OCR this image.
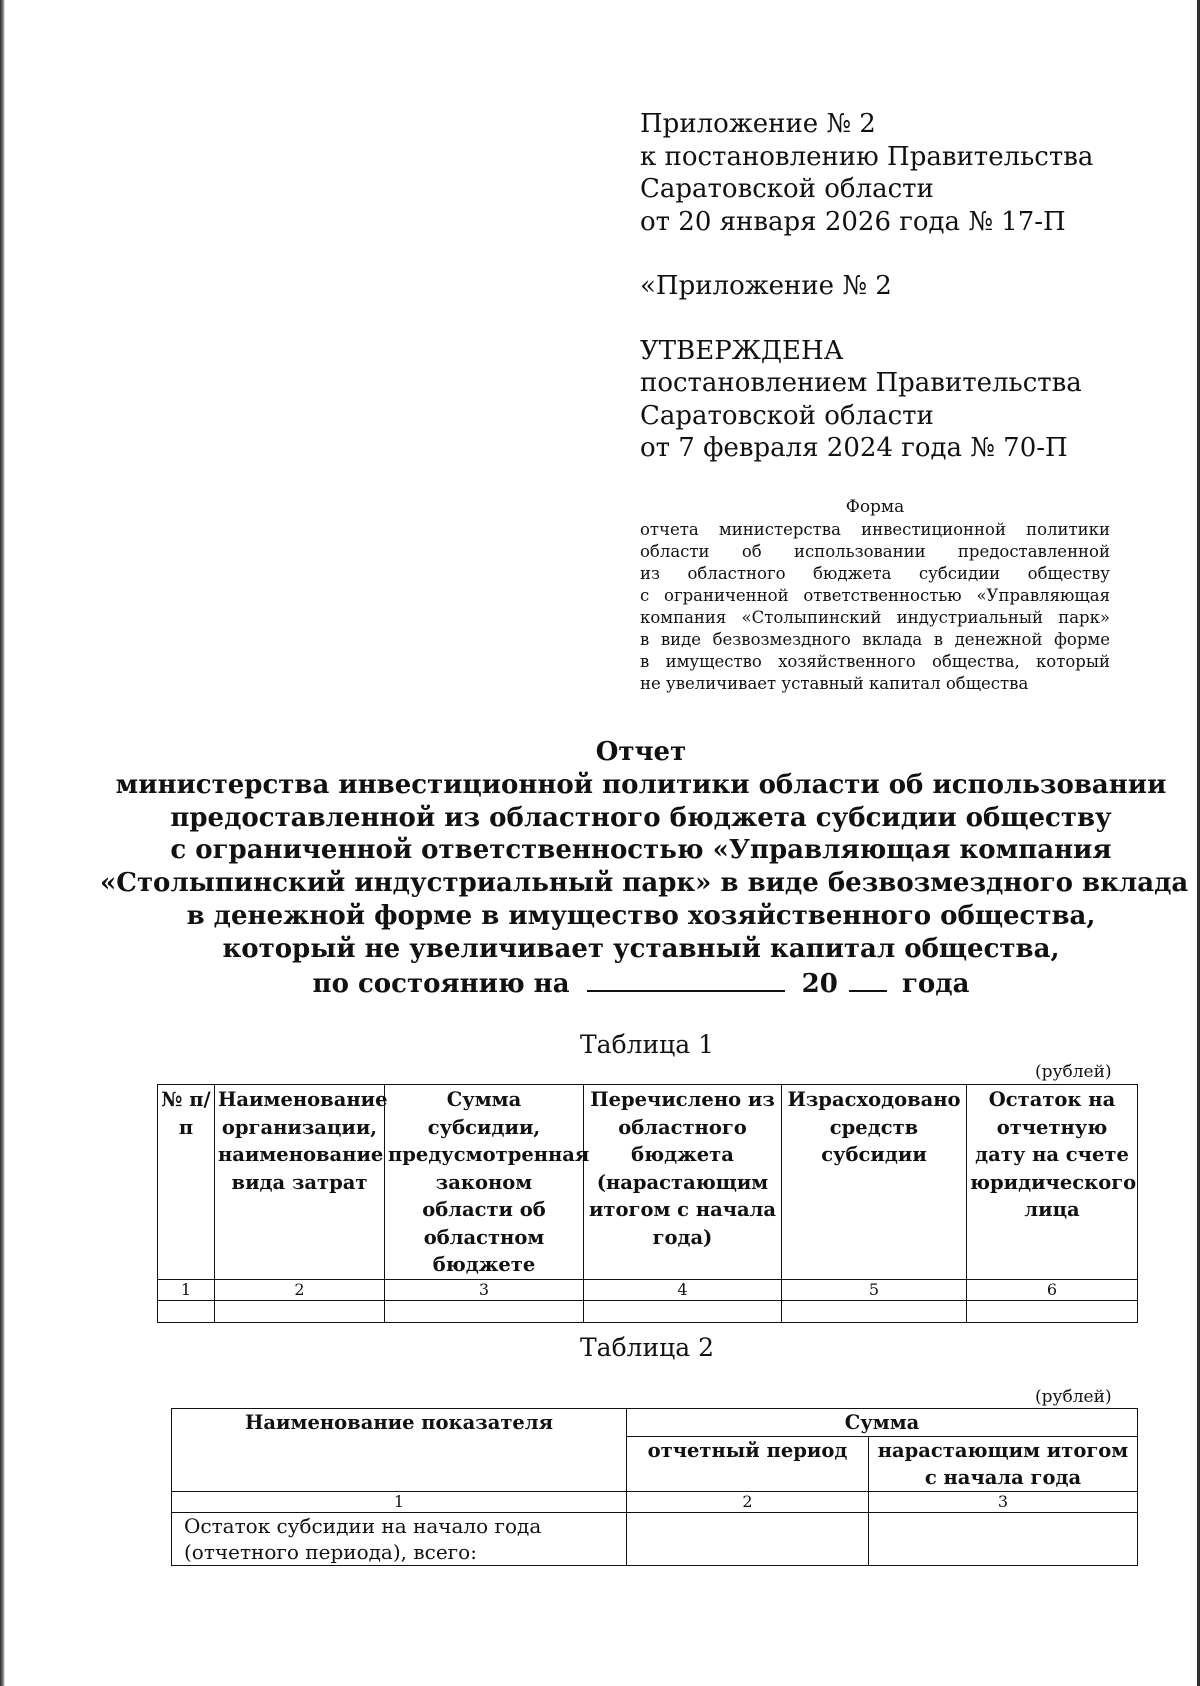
Приложение № 2

к постановлению Правительства

Саратовской области

от 20 января 2026 года № 17-П

«Приложение № 2

УТВЕРЖДЕНА

постановлением Правительства

Саратовской области

от 7 февраля 2024 года № 70-П

Форма
отчета министерства инвестиционной политики
области об использовании предоставленной
из областного бюджета субсидии обществу
с ограниченной ответственностью «Управляющая
компания «Столыпинский индустриальный парк»
в виде безвозмездного вклада в денежной форме
в имущество хозяйственного общества, который
не увеличивает уставный капитал общества
Отчет
министерства инвестиционной политики области об использовании
предоставленной из областного бюджета субсидии обществу
с ограниченной ответственностью «Управляющая компания
«Столыпинский индустриальный парк» в виде безвозмездного вклада
в денежной форме в имущество хозяйственного общества,
который не увеличивает уставный капитал общества,
по состоянию на	20 года
Таблица 1
(рублей)
№ п/п	Наименование организации, наименование вида затрат	Сумма субсидии, предусмотренная законом области об областном бюджете	Перечислено из областного бюджета (нарастающим итогом с начала года)	Израсходовано средств субсидии	Остаток на отчетную дату на счете юридического лица
1	2	3	4	5	6

Таблица 2
(рублей)
Наименование показателя	Сумма	
	отчетный период	нарастающим итогом с начала года
1	2	3
Остаток субсидии на начало года (отчетного периода), всего:		
